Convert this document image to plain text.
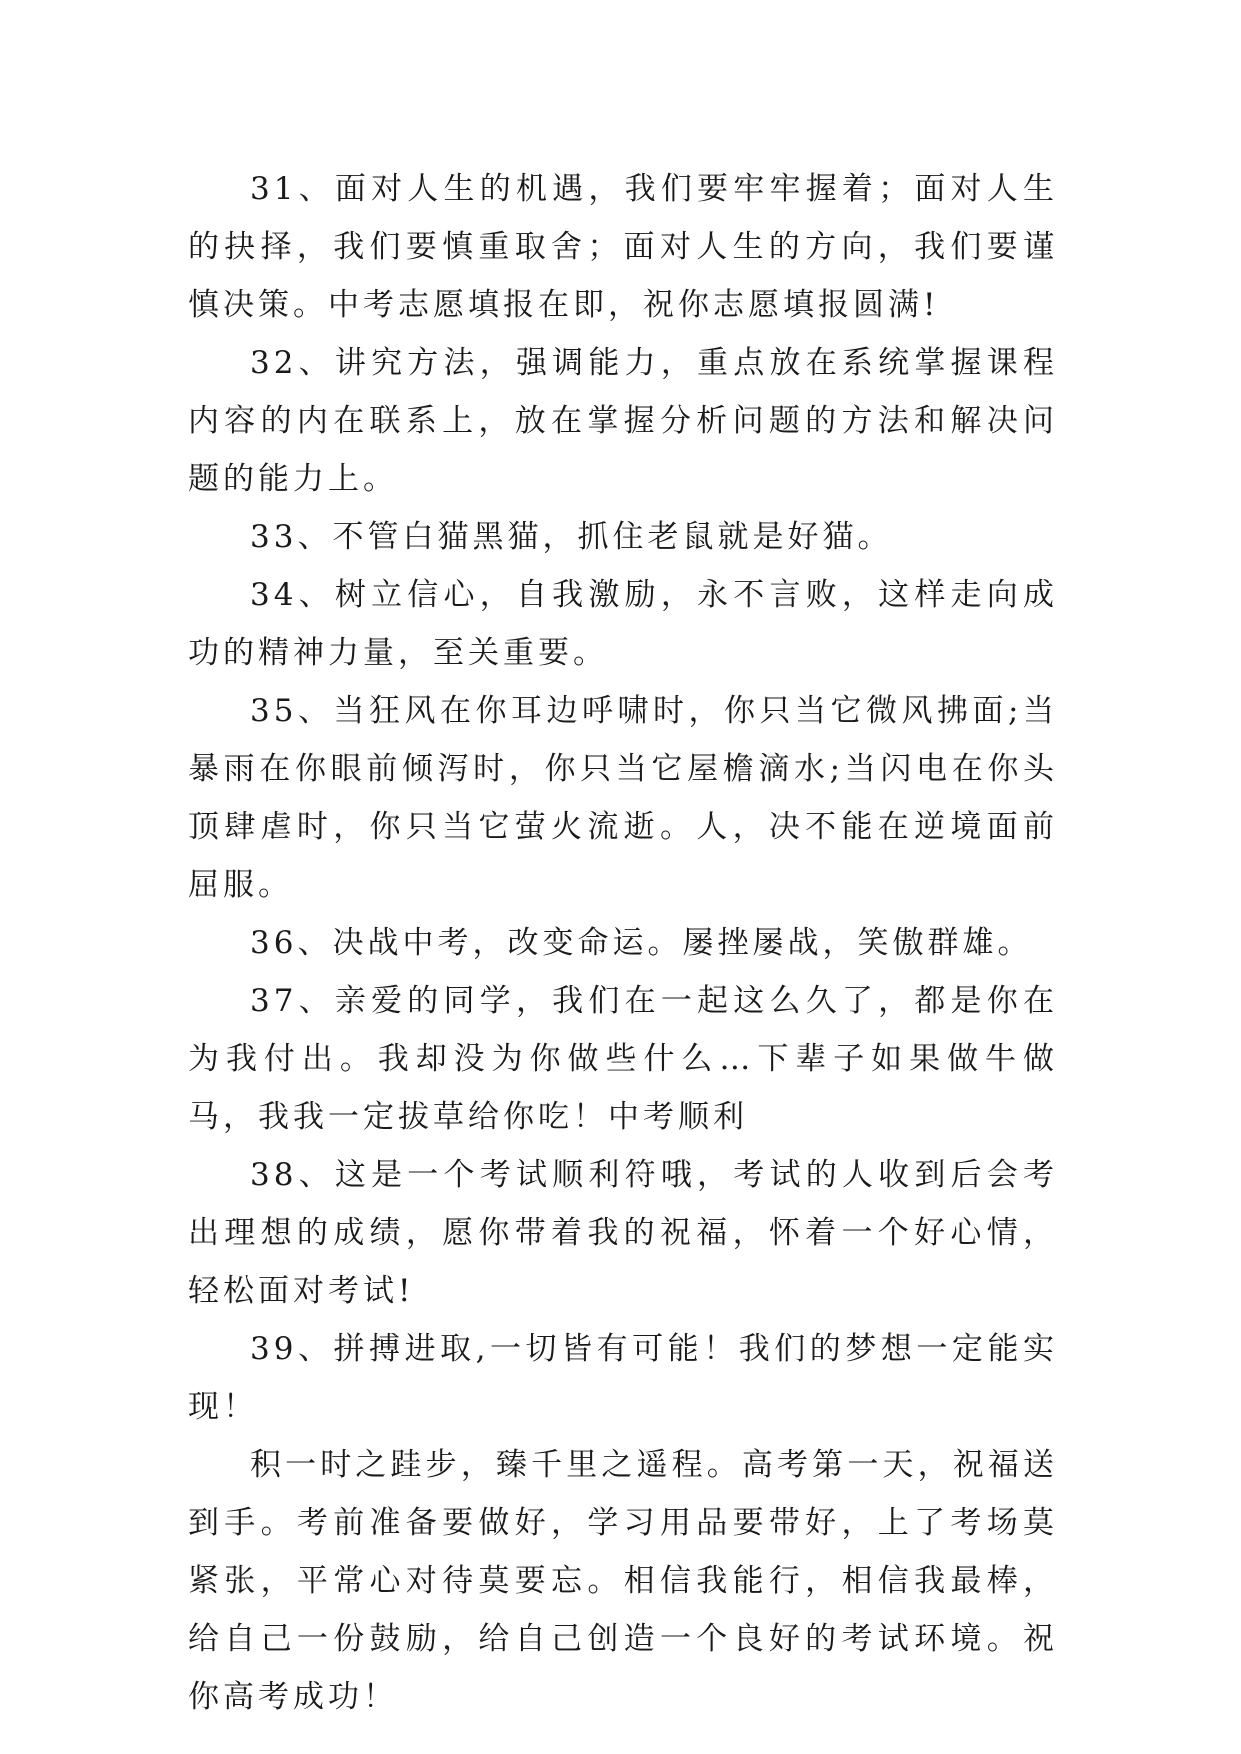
31、面对人生的机遇，我们要牢牢握着；面对人生的抉择，我们要慎重取舍；面对人生的方向，我们要谨慎决策。中考志愿填报在即，祝你志愿填报圆满!

32、讲究方法，强调能力，重点放在系统掌握课程内容的内在联系上，放在掌握分析问题的方法和解决问题的能力上。

33、不管白猫黑猫，抓住老鼠就是好猫。

34、树立信心，自我激励，永不言败，这样走向成功的精神力量，至关重要。

35、当狂风在你耳边呼啸时，你只当它微风拂面;当暴雨在你眼前倾泻时，你只当它屋檐滴水;当闪电在你头顶肆虐时，你只当它萤火流逝。人，决不能在逆境面前屈服。

36、决战中考，改变命运。屡挫屡战，笑傲群雄。

37、亲爱的同学，我们在一起这么久了，都是你在为我付出。我却没为你做些什么…下辈子如果做牛做马，我我一定拔草给你吃！中考顺利

38、这是一个考试顺利符哦，考试的人收到后会考出理想的成绩，愿你带着我的祝福，怀着一个好心情，轻松面对考试!

39、拼搏进取,一切皆有可能！我们的梦想一定能实现！

积一时之跬步，臻千里之遥程。高考第一天，祝福送到手。考前准备要做好，学习用品要带好，上了考场莫紧张，平常心对待莫要忘。相信我能行，相信我最棒，给自己一份鼓励，给自己创造一个良好的考试环境。祝你高考成功！
